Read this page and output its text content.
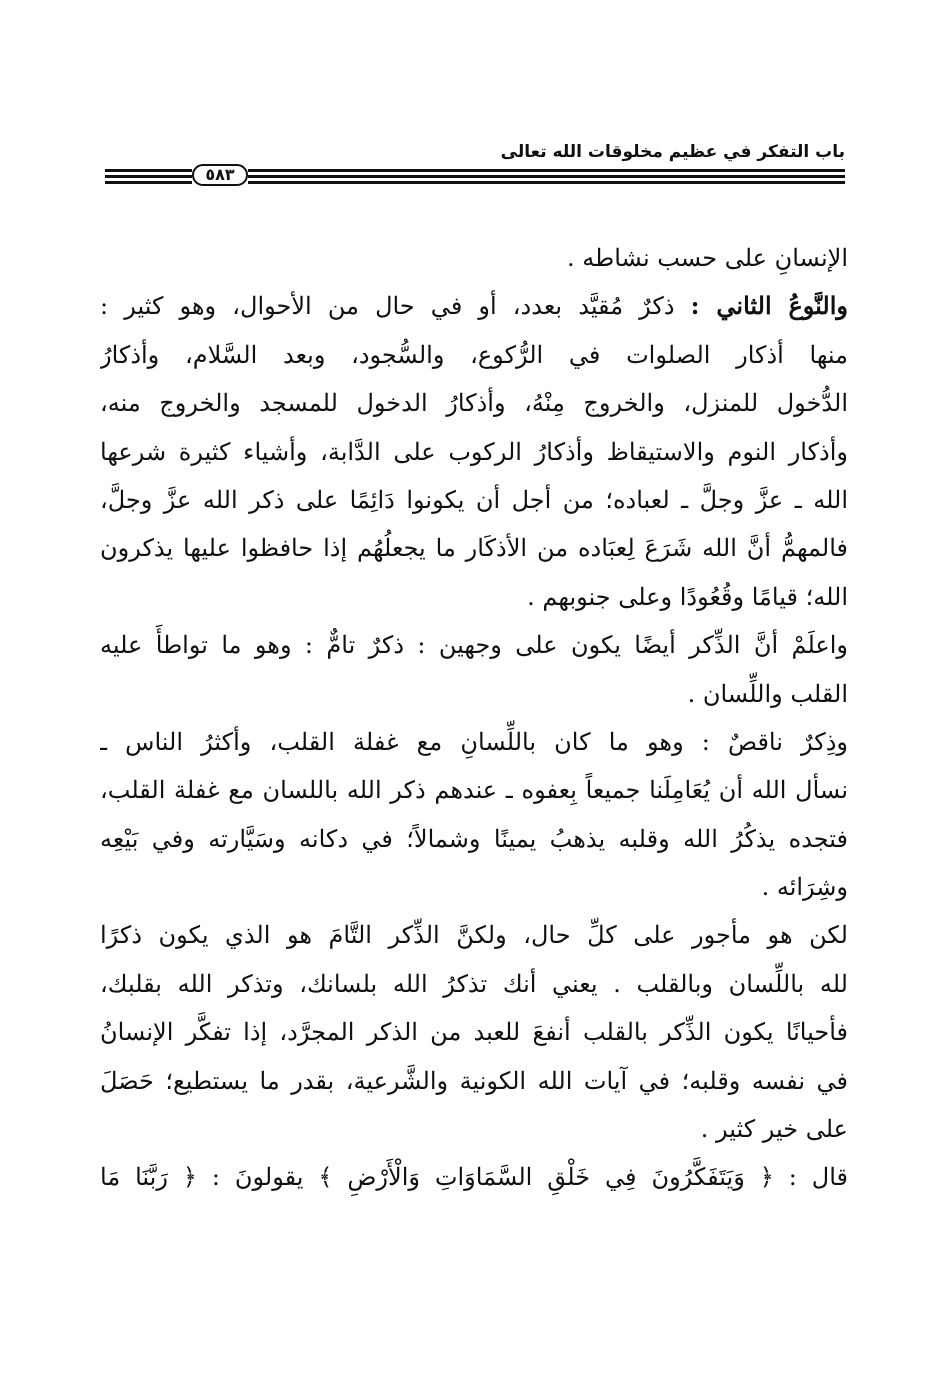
باب التفكر في عظيم مخلوقات الله تعالى
٥٨٣
الإنسانِ على حسب نشاطه .
والنَّوعُ الثاني : ذكرٌ مُقيَّد بعدد، أو في حال من الأحوال، وهو كثير :
منها أذكار الصلوات في الرُّكوع، والسُّجود، وبعد السَّلام، وأذكارُ
الدُّخول للمنزل، والخروج مِنْهُ، وأذكارُ الدخول للمسجد والخروج منه،
وأذكار النوم والاستيقاظ وأذكارُ الركوب على الدَّابة، وأشياء كثيرة شرعها
الله ـ عزَّ وجلَّ ـ لعباده؛ من أجل أن يكونوا دَائِمًا على ذكر الله عزَّ وجلَّ،
فالمهمُّ أنَّ الله شَرَعَ لِعبَاده من الأذكَار ما يجعلُهُم إذا حافظوا عليها يذكرون
الله؛ قيامًا وقُعُودًا وعلى جنوبهم .
واعلَمْ أنَّ الذِّكر أيضًا يكون على وجهين : ذكرٌ تامٌّ : وهو ما تواطأَ عليه
القلب واللِّسان .
وذِكرٌ ناقصٌ : وهو ما كان باللِّسانِ مع غفلة القلب، وأكثرُ الناس ـ
نسأل الله أن يُعَامِلَنا جميعاً بِعفوه ـ عندهم ذكر الله باللسان مع غفلة القلب،
فتجده يذكُرُ الله وقلبه يذهبُ يمينًا وشمالاً؛ في دكانه وسَيَّارته وفي بَيْعِه
وشِرَائه .
لكن هو مأجور على كلِّ حال، ولكنَّ الذِّكر التَّامَ هو الذي يكون ذكرًا
لله باللِّسان وبالقلب . يعني أنك تذكرُ الله بلسانك، وتذكر الله بقلبك،
فأحيانًا يكون الذِّكر بالقلب أنفعَ للعبد من الذكر المجرَّد، إذا تفكَّر الإنسانُ
في نفسه وقلبه؛ في آيات الله الكونية والشَّرعية، بقدر ما يستطيع؛ حَصَلَ
على خير كثير .
قال : ﴿ وَيَتَفَكَّرُونَ فِي خَلْقِ السَّمَاوَاتِ وَالْأَرْضِ ﴾ يقولونَ : ﴿ رَبَّنَا مَا
